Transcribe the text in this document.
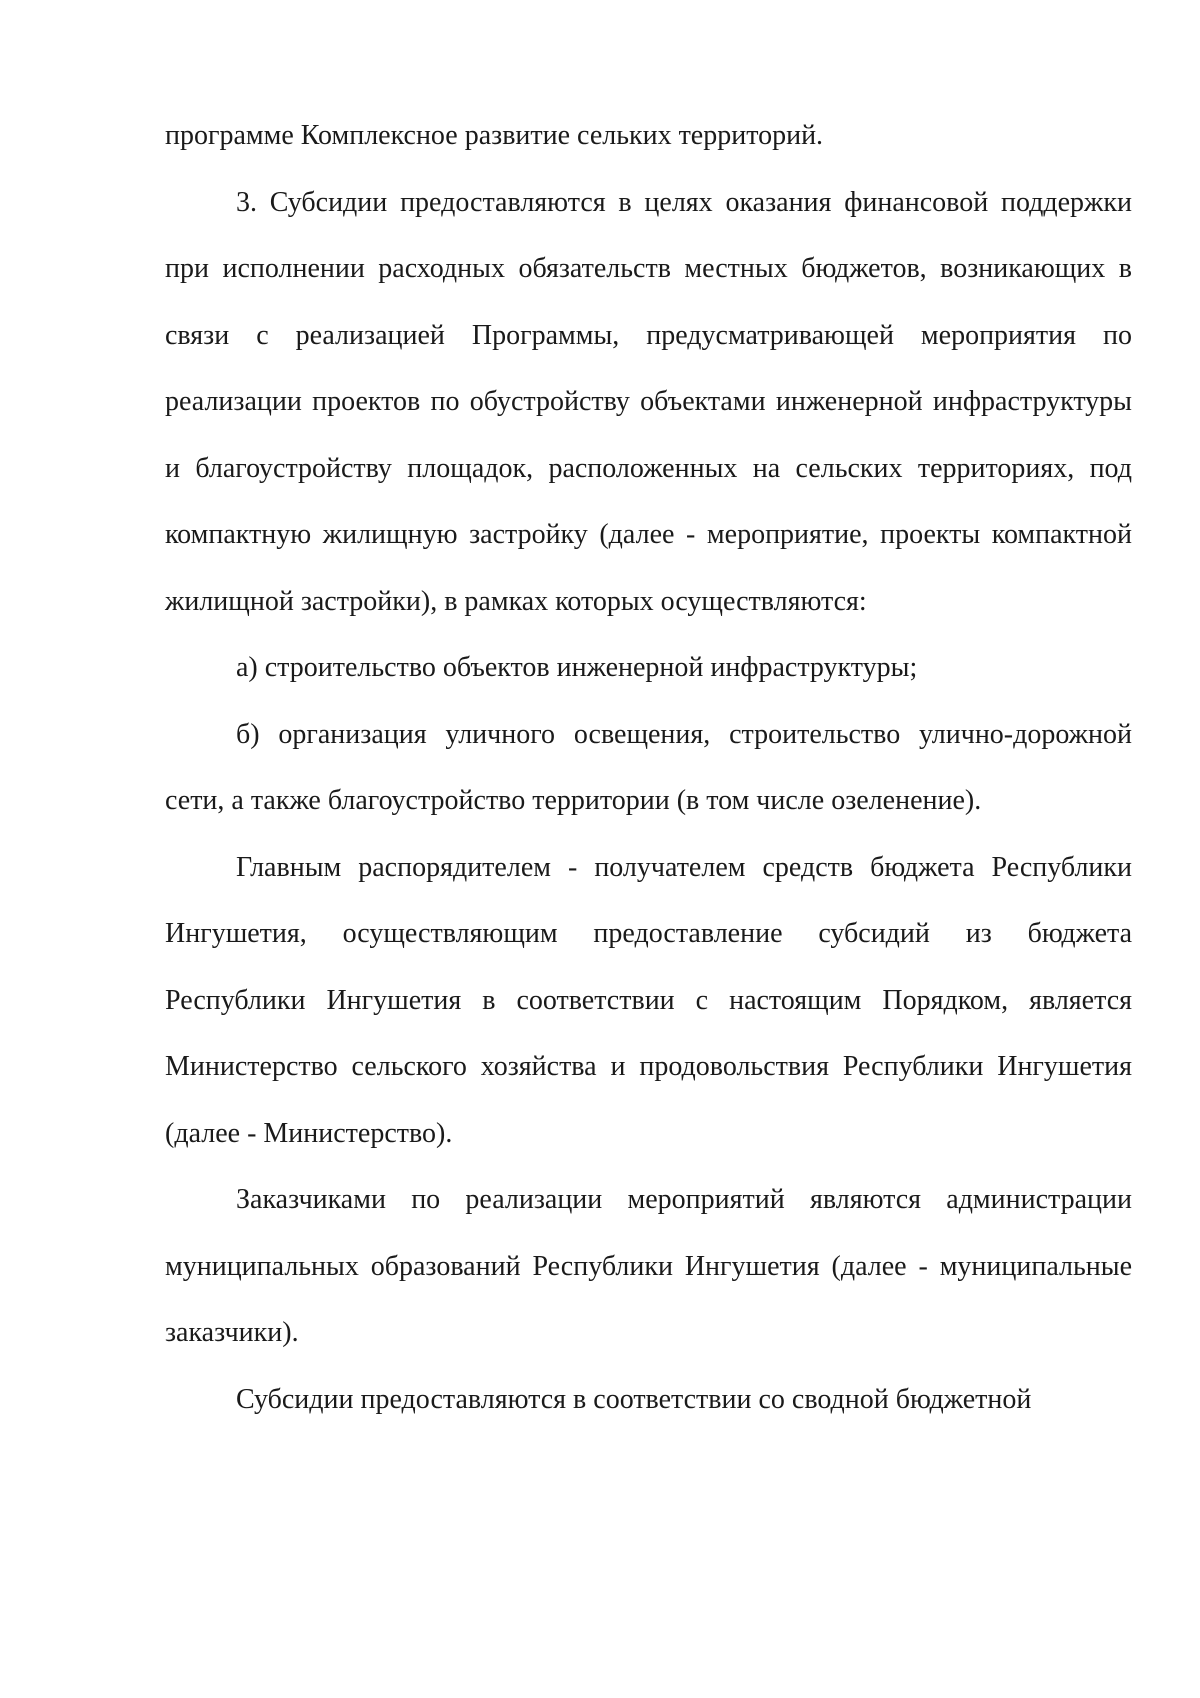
программе Комплексное развитие сельких территорий.

3. Субсидии предоставляются в целях оказания финансовой поддержки при исполнении расходных обязательств местных бюджетов, возникающих в связи с реализацией Программы, предусматривающей мероприятия по реализации проектов по обустройству объектами инженерной инфраструктуры и благоустройству площадок, расположенных на сельских территориях, под компактную жилищную застройку (далее - мероприятие, проекты компактной жилищной застройки), в рамках которых осуществляются:

а) строительство объектов инженерной инфраструктуры;

б) организация уличного освещения, строительство улично-дорожной сети, а также благоустройство территории (в том числе озеленение).

Главным распорядителем - получателем средств бюджета Республики Ингушетия, осуществляющим предоставление субсидий из бюджета Республики Ингушетия в соответствии с настоящим Порядком, является Министерство сельского хозяйства и продовольствия Республики Ингушетия (далее - Министерство).

Заказчиками по реализации мероприятий являются администрации муниципальных образований Республики Ингушетия (далее - муниципальные заказчики).

Субсидии предоставляются в соответствии со сводной бюджетной
